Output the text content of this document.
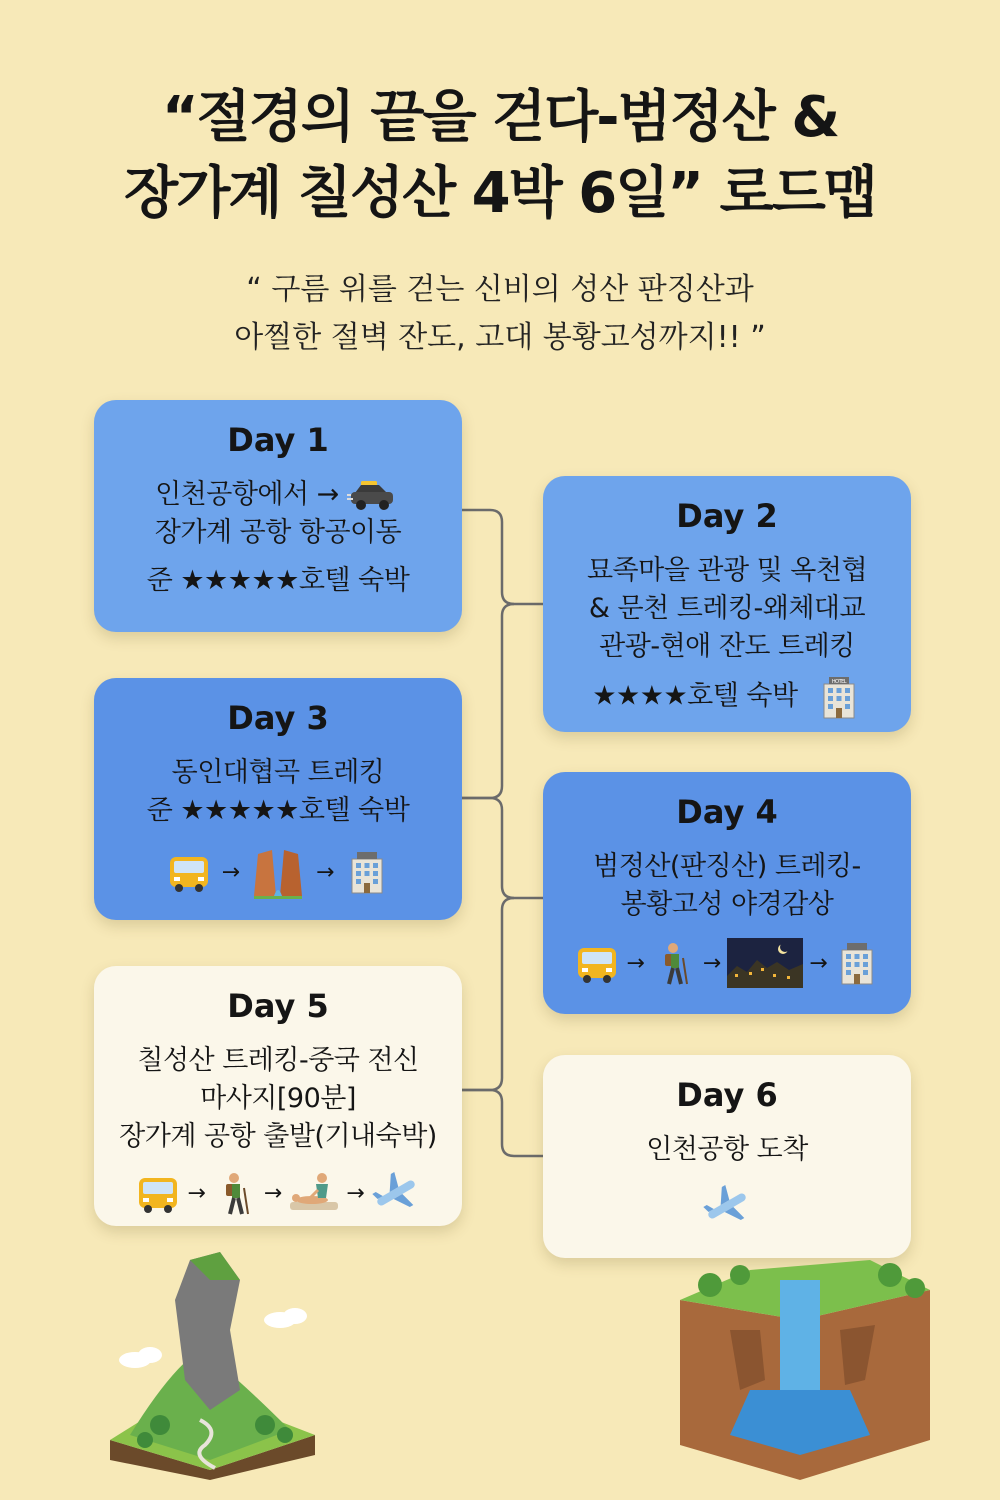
“절경의 끝을 걷다-범정산 &
장가계 칠성산 4박 6일” 로드맵
“ 구름 위를 걷는 신비의 성산 판징산과
아찔한 절벽 잔도, 고대 봉황고성까지!! ”
Day 1
인천공항에서 →
장가계 공항 항공이동
준 ★★★★★호텔 숙박
Day 2
묘족마을 관광 및 옥천협
& 문천 트레킹-왜체대교
관광-현애 잔도 트레킹
★★★★호텔 숙박	HOTEL
Day 3
동인대협곡 트레킹
준 ★★★★★호텔 숙박
→	→
Day 4
범정산(판징산) 트레킹-
봉황고성 야경감상
→	→	→
Day 5
칠성산 트레킹-중국 전신
마사지[90분]
장가계 공항 출발(기내숙박)
→	→	→
Day 6
인천공항 도착
